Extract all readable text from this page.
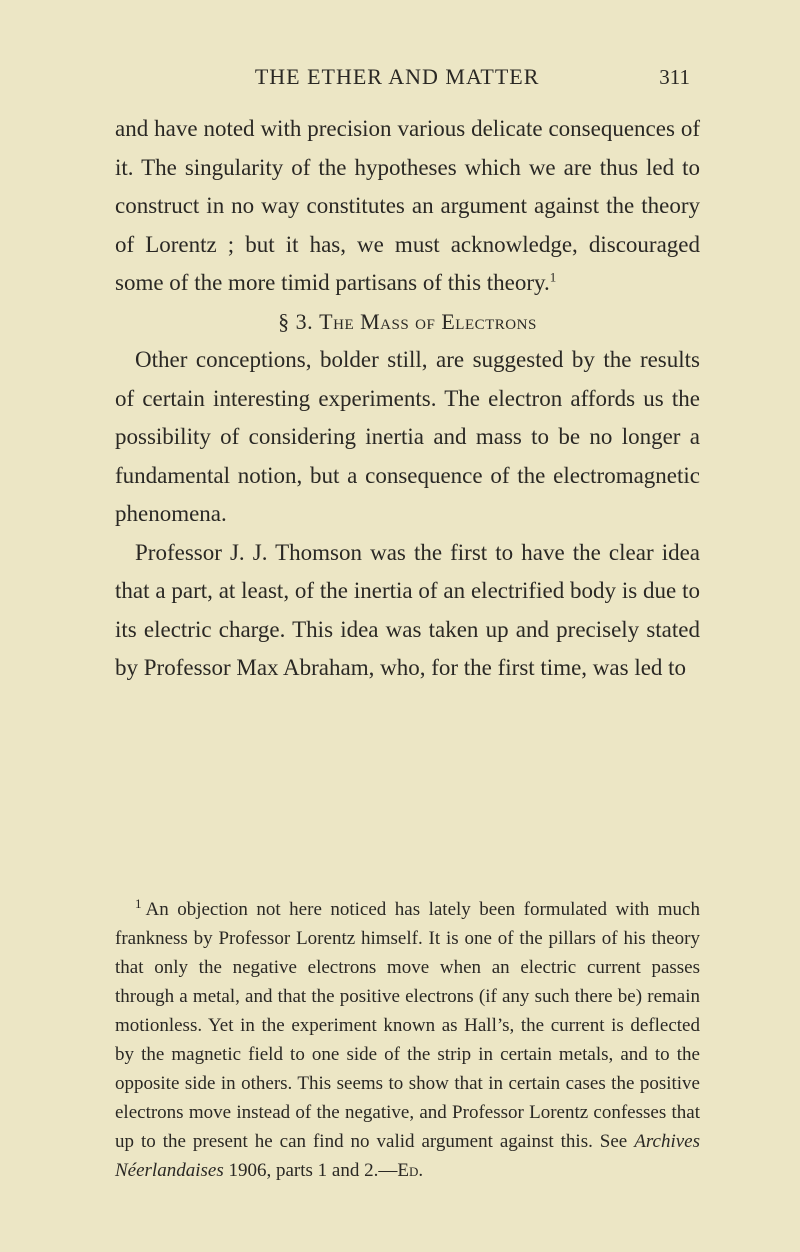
THE ETHER AND MATTER	311

and have noted with precision various delicate consequences of it. The singularity of the hypotheses which we are thus led to construct in no way constitutes an argument against the theory of Lorentz ; but it has, we must acknowledge, discouraged some of the more timid partisans of this theory.$^1$

§ 3. The Mass of Electrons

Other conceptions, bolder still, are suggested by the results of certain interesting experiments. The electron affords us the possibility of considering inertia and mass to be no longer a fundamental notion, but a consequence of the electromagnetic phenomena.

Professor J. J. Thomson was the first to have the clear idea that a part, at least, of the inertia of an electrified body is due to its electric charge. This idea was taken up and precisely stated by Professor Max Abraham, who, for the first time, was led to

$^1$ An objection not here noticed has lately been formulated with much frankness by Professor Lorentz himself. It is one of the pillars of his theory that only the negative electrons move when an electric current passes through a metal, and that the positive electrons (if any such there be) remain motionless. Yet in the experiment known as Hall’s, the current is deflected by the magnetic field to one side of the strip in certain metals, and to the opposite side in others. This seems to show that in certain cases the positive electrons move instead of the negative, and Professor Lorentz confesses that up to the present he can find no valid argument against this. See Archives Néerlandaises 1906, parts 1 and 2.—Ed.
